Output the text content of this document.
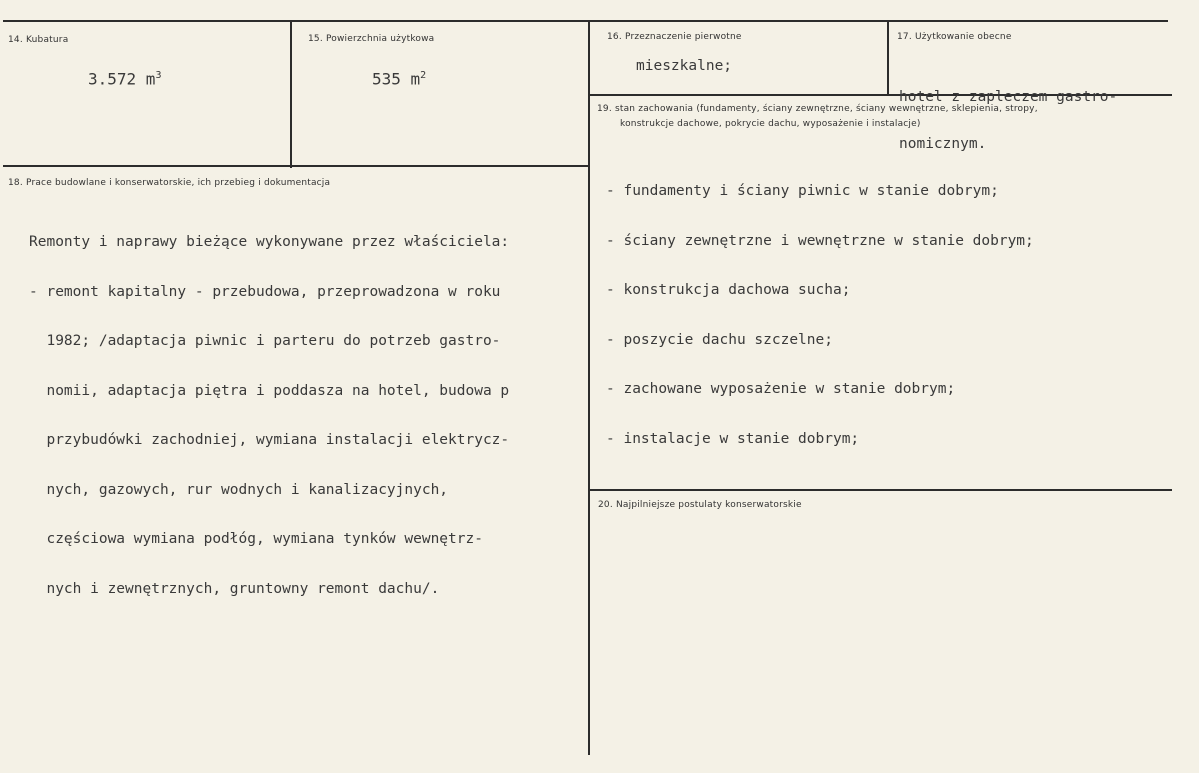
14. Kubatura
3.572 $m^3$
15. Powierzchnia użytkowa
535 $m^2$
16. Przeznaczenie pierwotne
mieszkalne;
17. Użytkowanie obecne

hotel z zapleczem gastro-

nomicznym.

18. Prace budowlane i konserwatorskie, ich przebieg i dokumentacja

Remonty i naprawy bieżące wykonywane przez właściciela:

- remont kapitalny - przebudowa, przeprowadzona w roku

1982; /adaptacja piwnic i parteru do potrzeb gastro-

nomii, adaptacja piętra i poddasza na hotel, budowa p

przybudówki zachodniej, wymiana instalacji elektrycz-

nych, gazowych, rur wodnych i kanalizacyjnych,

częściowa wymiana podłóg, wymiana tynków wewnętrz-

nych i zewnętrznych, gruntowny remont dachu/.

19. stan zachowania (fundamenty, ściany zewnętrzne, ściany wewnętrzne, sklepienia, stropy,
konstrukcje dachowe, pokrycie dachu, wyposażenie i instalacje)

- fundamenty i ściany piwnic w stanie dobrym;

- ściany zewnętrzne i wewnętrzne w stanie dobrym;

- konstrukcja dachowa sucha;

- poszycie dachu szczelne;

- zachowane wyposażenie w stanie dobrym;

- instalacje w stanie dobrym;

20. Najpilniejsze postulaty konserwatorskie
